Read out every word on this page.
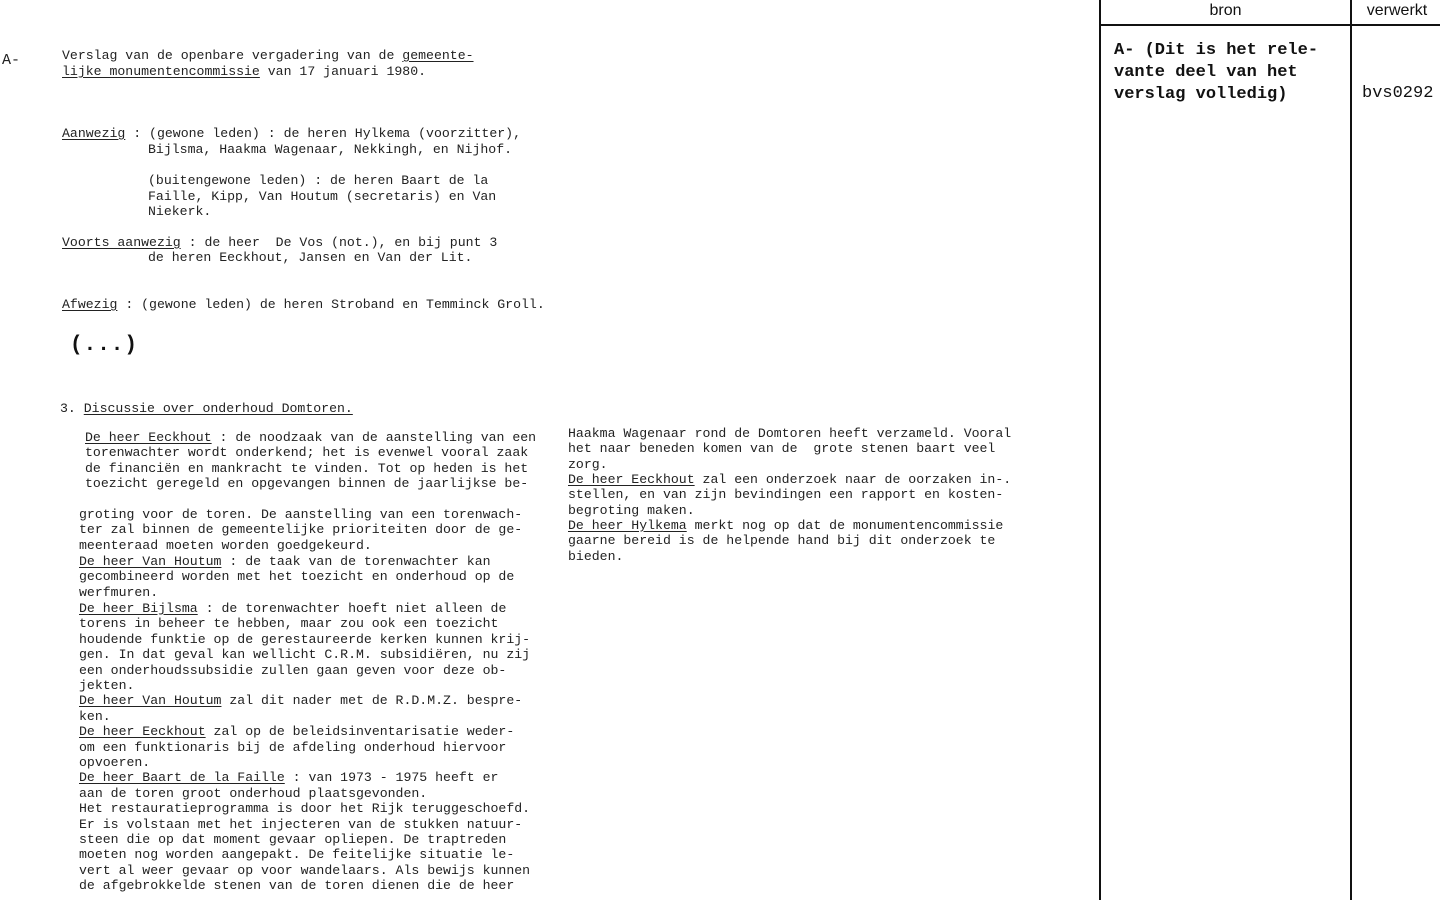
A-	Verslag van de openbare vergadering van de gemeente-
lijke monumentencommissie van 17 januari 1980.
Aanwezig : (gewone leden) : de heren Hylkema (voorzitter),
Bijlsma, Haakma Wagenaar, Nekkingh, en Nijhof.
(buitengewone leden) : de heren Baart de la
Faille, Kipp, Van Houtum (secretaris) en Van
Niekerk.
Voorts aanwezig : de heer  De Vos (not.), en bij punt 3
de heren Eeckhout, Jansen en Van der Lit.
Afwezig : (gewone leden) de heren Stroband en Temminck Groll.
(...)
3. Discussie over onderhoud Domtoren.
De heer Eeckhout : de noodzaak van de aanstelling van een
torenwachter wordt onderkend; het is evenwel vooral zaak
de financiën en mankracht te vinden. Tot op heden is het
toezicht geregeld en opgevangen binnen de jaarlijkse be-
groting voor de toren. De aanstelling van een torenwach-
ter zal binnen de gemeentelijke prioriteiten door de ge-
meenteraad moeten worden goedgekeurd.
De heer Van Houtum : de taak van de torenwachter kan
gecombineerd worden met het toezicht en onderhoud op de
werfmuren.
De heer Bijlsma : de torenwachter hoeft niet alleen de
torens in beheer te hebben, maar zou ook een toezicht
houdende funktie op de gerestaureerde kerken kunnen krij-
gen. In dat geval kan wellicht C.R.M. subsidiëren, nu zij
een onderhoudssubsidie zullen gaan geven voor deze ob-
jekten.
De heer Van Houtum zal dit nader met de R.D.M.Z. bespre-
ken.
De heer Eeckhout zal op de beleidsinventarisatie weder-
om een funktionaris bij de afdeling onderhoud hiervoor
opvoeren.
De heer Baart de la Faille : van 1973 - 1975 heeft er
aan de toren groot onderhoud plaatsgevonden.
Het restauratieprogramma is door het Rijk teruggeschoefd.
Er is volstaan met het injecteren van de stukken natuur-
steen die op dat moment gevaar opliepen. De traptreden
moeten nog worden aangepakt. De feitelijke situatie le-
vert al weer gevaar op voor wandelaars. Als bewijs kunnen
de afgebrokkelde stenen van de toren dienen die de heer
Haakma Wagenaar rond de Domtoren heeft verzameld. Vooral
het naar beneden komen van de  grote stenen baart veel
zorg.
De heer Eeckhout zal een onderzoek naar de oorzaken in-.
stellen, en van zijn bevindingen een rapport en kosten-
begroting maken.
De heer Hylkema merkt nog op dat de monumentencommissie
gaarne bereid is de helpende hand bij dit onderzoek te
bieden.
bron	verwerkt
A- (Dit is het rele-
vante deel van het
verslag volledig)	bvs0292
